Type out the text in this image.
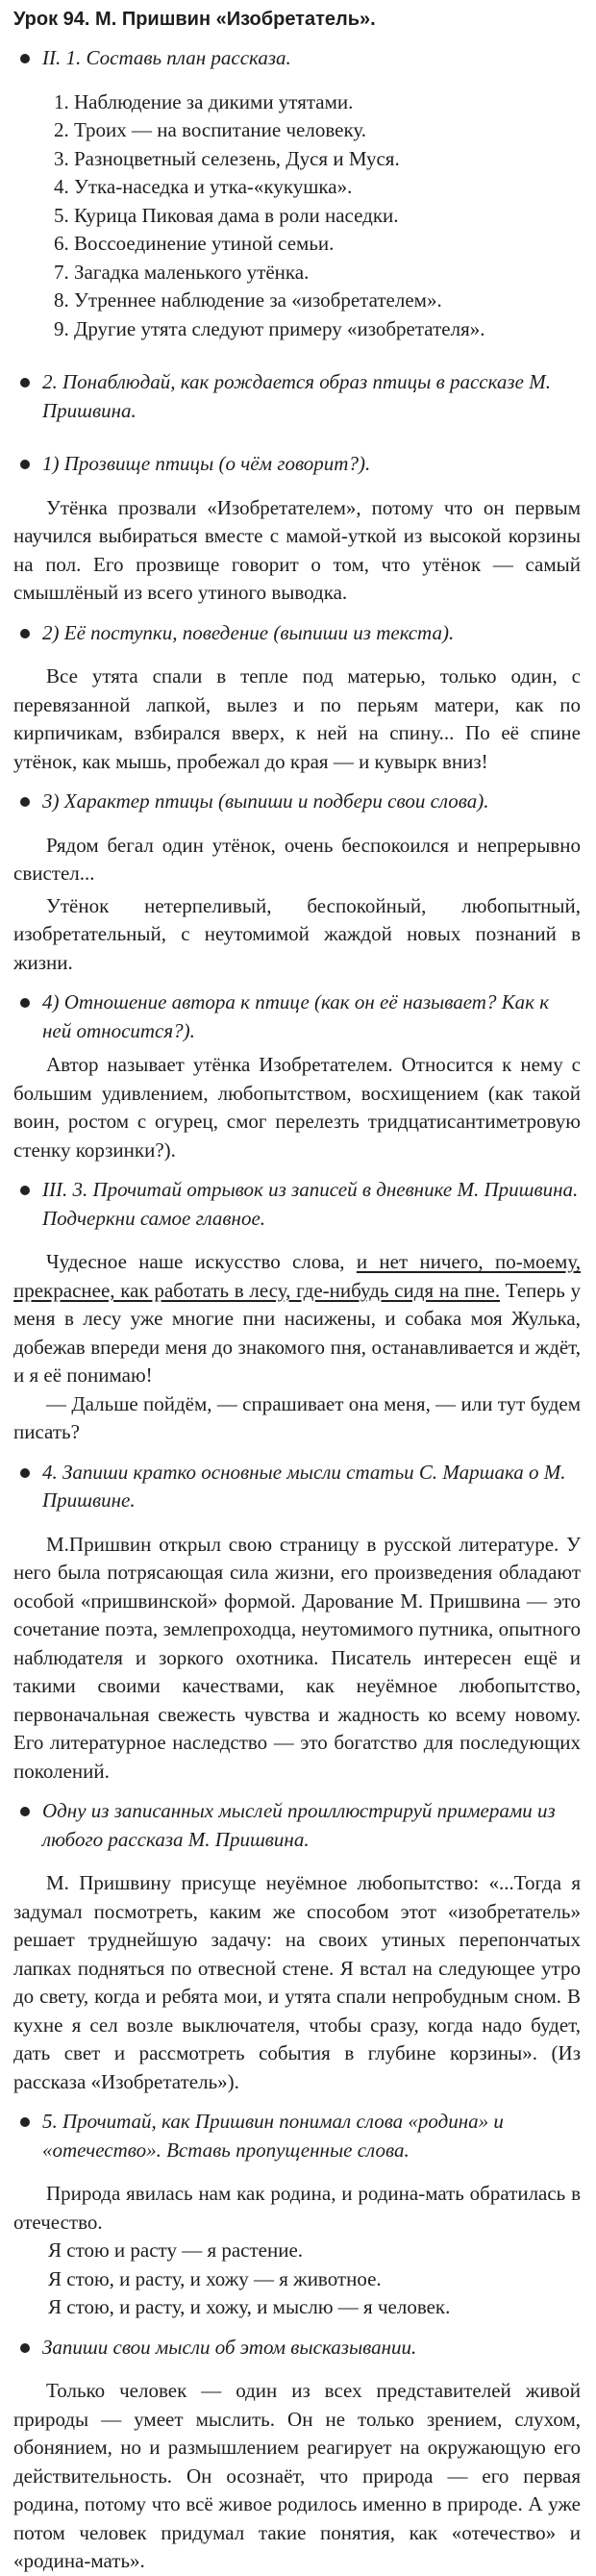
Урок 94. М. Пришвин «Изобретатель».
II. 1. Составь план рассказа.
1. Наблюдение за дикими утятами.
2. Троих — на воспитание человеку.
3. Разноцветный селезень, Дуся и Муся.
4. Утка-наседка и утка-«кукушка».
5. Курица Пиковая дама в роли наседки.
6. Воссоединение утиной семьи.
7. Загадка маленького утёнка.
8. Утреннее наблюдение за «изобретателем».
9. Другие утята следуют примеру «изобретателя».
2. Понаблюдай, как рождается образ птицы в рассказе М. Пришвина.
1) Прозвище птицы (о чём говорит?).

Утёнка прозвали «Изобретателем», потому что он первым научился выбираться вместе с мамой-уткой из высокой корзины на пол. Его прозвище говорит о том, что утёнок — самый смышлёный из всего утиного выводка.

2) Её поступки, поведение (выпиши из текста).

Все утята спали в тепле под матерью, только один, с перевязанной лапкой, вылез и по перьям матери, как по кирпичикам, взбирался вверх, к ней на спину... По её спине утёнок, как мышь, пробежал до края — и кувырк вниз!

3) Характер птицы (выпиши и подбери свои слова).

Рядом бегал один утёнок, очень беспокоился и непрерывно свистел...

Утёнок нетерпеливый, беспокойный, любопытный, изобретательный, с неутомимой жаждой новых познаний в жизни.

4) Отношение автора к птице (как он её называет? Как к ней относится?).

Автор называет утёнка Изобретателем. Относится к нему с большим удивлением, любопытством, восхищением (как такой воин, ростом с огурец, смог перелезть тридцатисантиметровую стенку корзинки?).

III. 3. Прочитай отрывок из записей в дневнике М. Пришвина. Подчеркни самое главное.

Чудесное наше искусство слова, и нет ничего, по-моему, прекраснее, как работать в лесу, где-нибудь сидя на пне. Теперь у меня в лесу уже многие пни насижены, и собака моя Жулька, добежав впереди меня до знакомого пня, останавливается и ждёт, и я её понимаю!

— Дальше пойдём, — спрашивает она меня, — или тут будем писать?

4. Запиши кратко основные мысли статьи С. Маршака о М. Пришвине.

М.Пришвин открыл свою страницу в русской литературе. У него была потрясающая сила жизни, его произведения обладают особой «пришвинской» формой. Дарование М. Пришвина — это сочетание поэта, землепроходца, неутомимого путника, опытного наблюдателя и зоркого охотника. Писатель интересен ещё и такими своими качествами, как неуёмное любопытство, первоначальная свежесть чувства и жадность ко всему новому. Его литературное наследство — это богатство для последующих поколений.

Одну из записанных мыслей проиллюстрируй примерами из любого рассказа М. Пришвина.

М. Пришвину присуще неуёмное любопытство: «...Тогда я задумал посмотреть, каким же способом этот «изобретатель» решает труднейшую задачу: на своих утиных перепончатых лапках подняться по отвесной стене. Я встал на следующее утро до свету, когда и ребята мои, и утята спали непробудным сном. В кухне я сел возле выключателя, чтобы сразу, когда надо будет, дать свет и рассмотреть события в глубине корзины». (Из рассказа «Изобретатель»).

5. Прочитай, как Пришвин понимал слова «родина» и «отечество». Вставь пропущенные слова.

Природа явилась нам как родина, и родина-мать обратилась в отечество.

Я стою и расту — я растение.

Я стою, и расту, и хожу — я животное.

Я стою, и расту, и хожу, и мыслю — я человек.

Запиши свои мысли об этом высказывании.

Только человек — один из всех представителей живой природы — умеет мыслить. Он не только зрением, слухом, обонянием, но и размышлением реагирует на окружающую его действительность. Он осознаёт, что природа — его первая родина, потому что всё живое родилось именно в природе. А уже потом человек придумал такие понятия, как «отечество» и «родина-мать».
